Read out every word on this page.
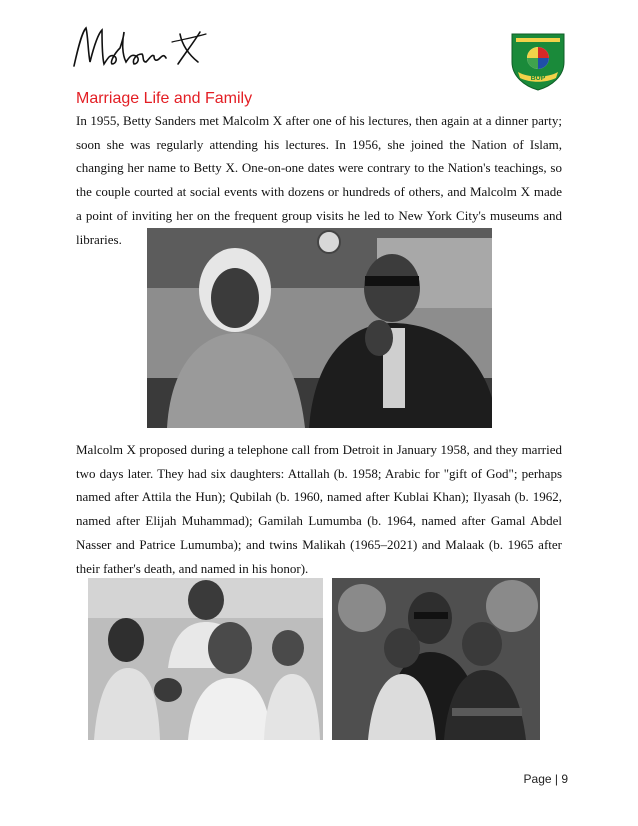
BUP
Marriage Life and Family

In 1955, Betty Sanders met Malcolm X after one of his lectures, then again at a dinner party; soon she was regularly attending his lectures. In 1956, she joined the Nation of Islam, changing her name to Betty X. One-on-one dates were contrary to the Nation's teachings, so the couple courted at social events with dozens or hundreds of others, and Malcolm X made a point of inviting her on the frequent group visits he led to New York City's museums and libraries.

Malcolm X proposed during a telephone call from Detroit in January 1958, and they married two days later. They had six daughters: Attallah (b. 1958; Arabic for "gift of God"; perhaps named after Attila the Hun); Qubilah (b. 1960, named after Kublai Khan); Ilyasah (b. 1962, named after Elijah Muhammad); Gamilah Lumumba (b. 1964, named after Gamal Abdel Nasser and Patrice Lumumba); and twins Malikah (1965–2021) and Malaak (b. 1965 after their father's death, and named in his honor).

Page | 9
